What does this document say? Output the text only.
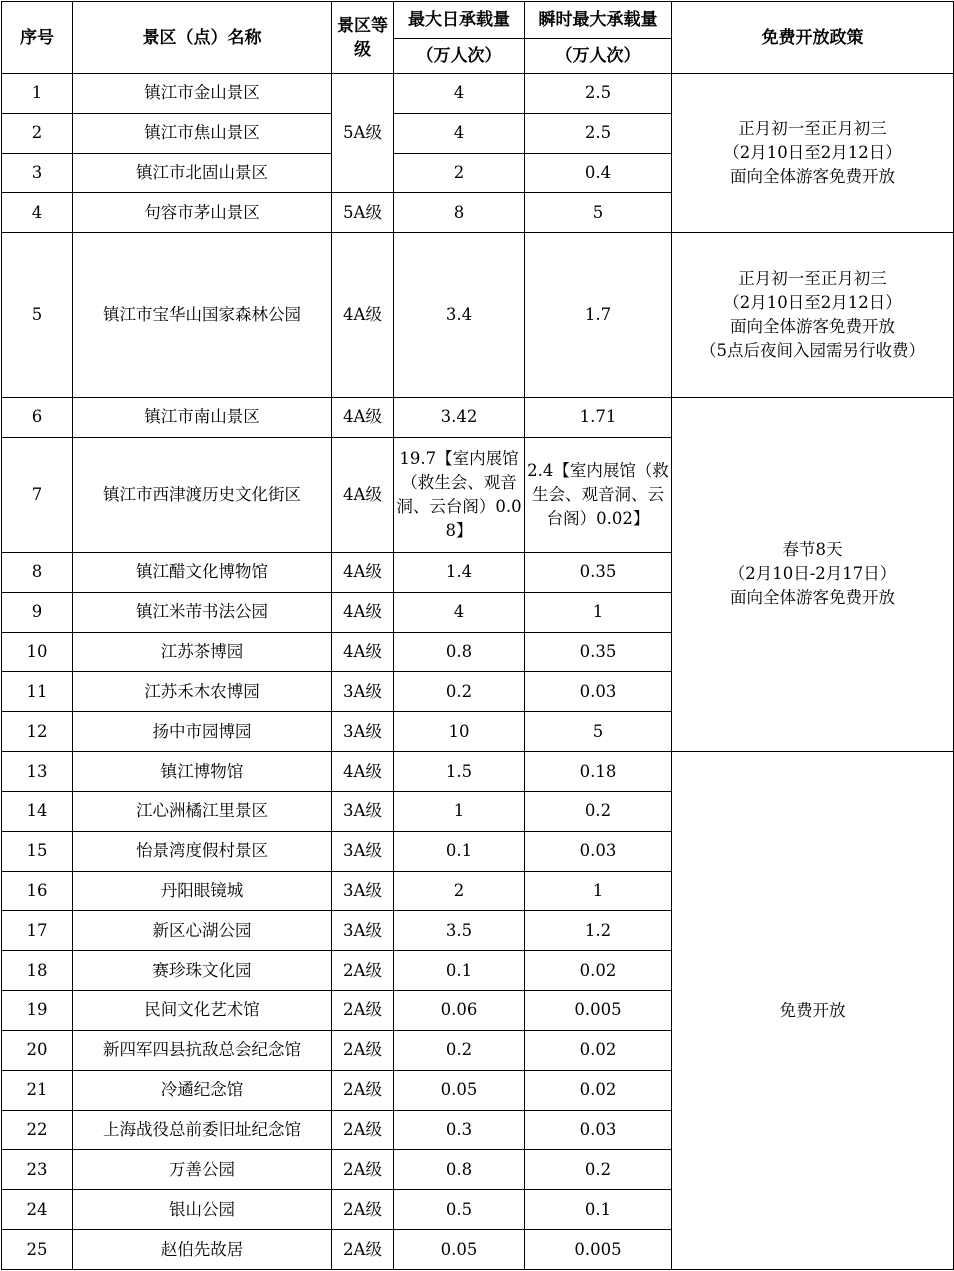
序号	景区（点）名称	景区等级	最大日承载量	瞬时最大承载量	免费开放政策
			（万人次）	（万人次）	
1	镇江市金山景区	5A级	4	2.5	正月初一至正月初三
（2月10日至2月12日）
面向全体游客免费开放
2	镇江市焦山景区		4	2.5	
3	镇江市北固山景区		2	0.4	
4	句容市茅山景区	5A级	8	5	
5	镇江市宝华山国家森林公园	4A级	3.4	1.7	正月初一至正月初三
（2月10日至2月12日）
面向全体游客免费开放
（5点后夜间入园需另行收费）
6	镇江市南山景区	4A级	3.42	1.71	春节8天
（2月10日-2月17日）
面向全体游客免费开放
7	镇江市西津渡历史文化街区	4A级	19.7【室内展馆（救生会、观音洞、云台阁）0.08】	2.4【室内展馆（救生会、观音洞、云台阁）0.02】	
8	镇江醋文化博物馆	4A级	1.4	0.35	
9	镇江米芾书法公园	4A级	4	1	
10	江苏茶博园	4A级	0.8	0.35	
11	江苏禾木农博园	3A级	0.2	0.03	
12	扬中市园博园	3A级	10	5	
13	镇江博物馆	4A级	1.5	0.18	免费开放
14	江心洲橘江里景区	3A级	1	0.2	
15	怡景湾度假村景区	3A级	0.1	0.03	
16	丹阳眼镜城	3A级	2	1	
17	新区心湖公园	3A级	3.5	1.2	
18	赛珍珠文化园	2A级	0.1	0.02	
19	民间文化艺术馆	2A级	0.06	0.005	
20	新四军四县抗敌总会纪念馆	2A级	0.2	0.02	
21	冷遹纪念馆	2A级	0.05	0.02	
22	上海战役总前委旧址纪念馆	2A级	0.3	0.03	
23	万善公园	2A级	0.8	0.2	
24	银山公园	2A级	0.5	0.1	
25	赵伯先故居	2A级	0.05	0.005	
